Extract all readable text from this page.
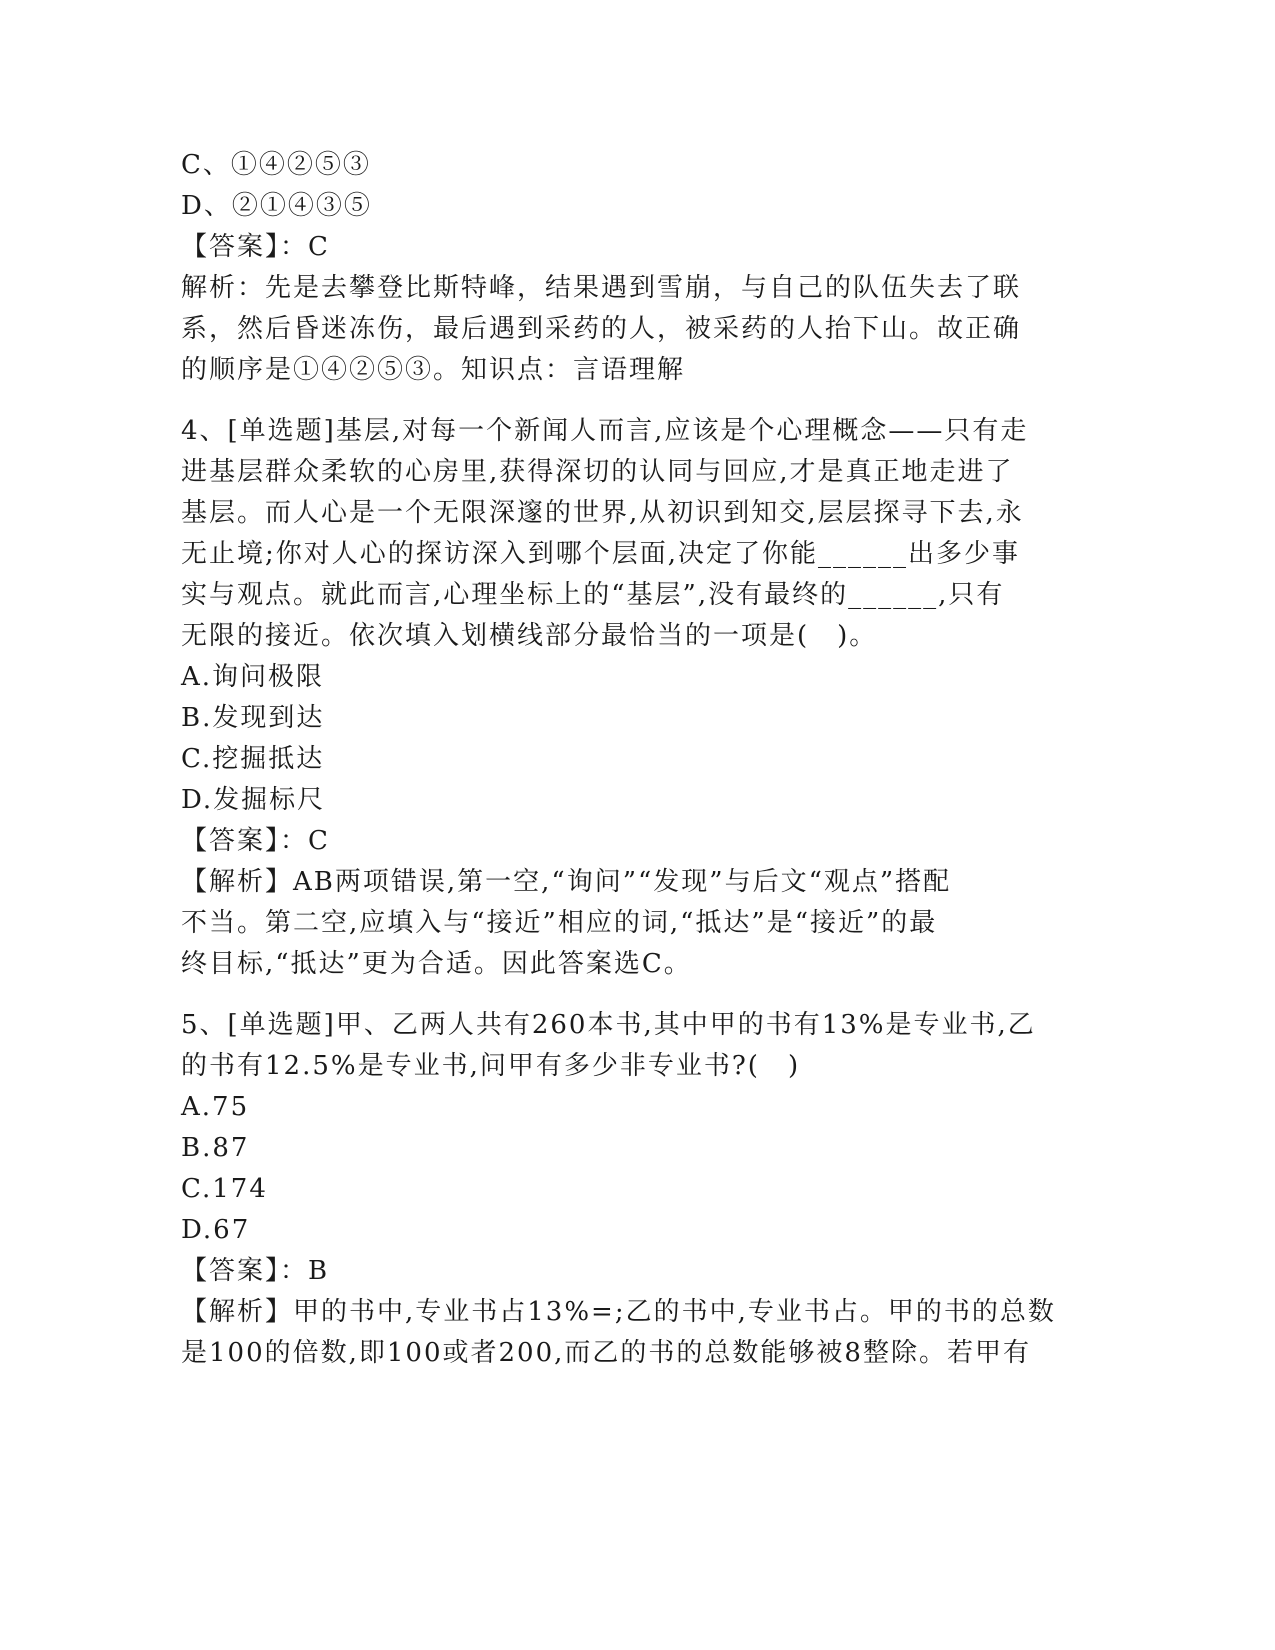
C、①④②⑤③
D、②①④③⑤
【答案】：C
解析：先是去攀登比斯特峰，结果遇到雪崩，与自己的队伍失去了联
系，然后昏迷冻伤，最后遇到采药的人，被采药的人抬下山。故正确
的顺序是①④②⑤③。知识点：言语理解
4、[单选题]基层,对每一个新闻人而言,应该是个心理概念——只有走
进基层群众柔软的心房里,获得深切的认同与回应,才是真正地走进了
基层。而人心是一个无限深邃的世界,从初识到知交,层层探寻下去,永
无止境;你对人心的探访深入到哪个层面,决定了你能______出多少事
实与观点。就此而言,心理坐标上的“基层”,没有最终的______,只有
无限的接近。依次填入划横线部分最恰当的一项是(　)。
A.询问极限
B.发现到达
C.挖掘抵达
D.发掘标尺
【答案】：C
【解析】AB两项错误,第一空,“询问”“发现”与后文“观点”搭配
不当。第二空,应填入与“接近”相应的词,“抵达”是“接近”的最
终目标,“抵达”更为合适。因此答案选C。
5、[单选题]甲、乙两人共有260本书,其中甲的书有13%是专业书,乙
的书有12.5%是专业书,问甲有多少非专业书?(　)
A.75
B.87
C.174
D.67
【答案】：B
【解析】甲的书中,专业书占13%=;乙的书中,专业书占。甲的书的总数
是100的倍数,即100或者200,而乙的书的总数能够被8整除。若甲有
